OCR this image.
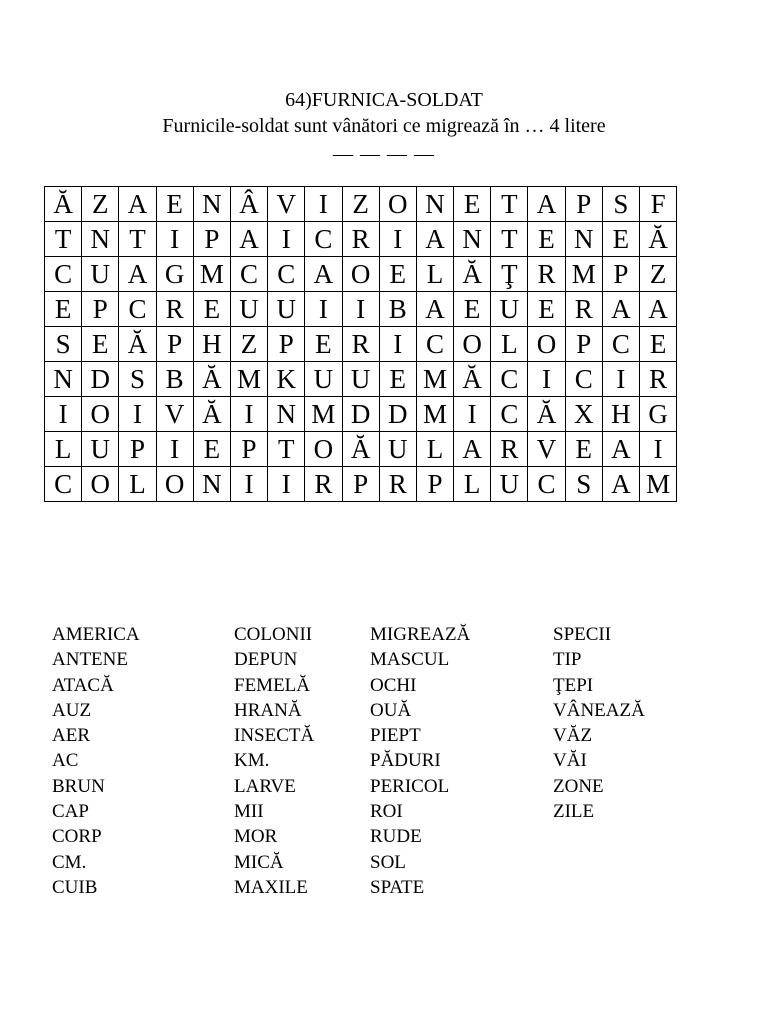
64)FURNICA-SOLDAT
Furnicile-soldat sunt vânători ce migrează în … 4 litere
— — — —
Ă	Z	A	E	N	Â	V	I	Z	O	N	E	T	A	P	S	F
T	N	T	I	P	A	I	C	R	I	A	N	T	E	N	E	Ă
C	U	A	G	M	C	C	A	O	E	L	Ă	Ţ	R	M	P	Z
E	P	C	R	E	U	U	I	I	B	A	E	U	E	R	A	A
S	E	Ă	P	H	Z	P	E	R	I	C	O	L	O	P	C	E
N	D	S	B	Ă	M	K	U	U	E	M	Ă	C	I	C	I	R
I	O	I	V	Ă	I	N	M	D	D	M	I	C	Ă	X	H	G
L	U	P	I	E	P	T	O	Ă	U	L	A	R	V	E	A	I
C	O	L	O	N	I	I	R	P	R	P	L	U	C	S	A	M
AMERICA
ANTENE
ATACĂ
AUZ
AER
AC
BRUN
CAP
CORP
CM.
CUIB
COLONII
DEPUN
FEMELĂ
HRANĂ
INSECTĂ
KM.
LARVE
MII
MOR
MICĂ
MAXILE
MIGREAZĂ
MASCUL
OCHI
OUĂ
PIEPT
PĂDURI
PERICOL
ROI
RUDE
SOL
SPATE
SPECII
TIP
ŢEPI
VÂNEAZĂ
VĂZ
VĂI
ZONE
ZILE
